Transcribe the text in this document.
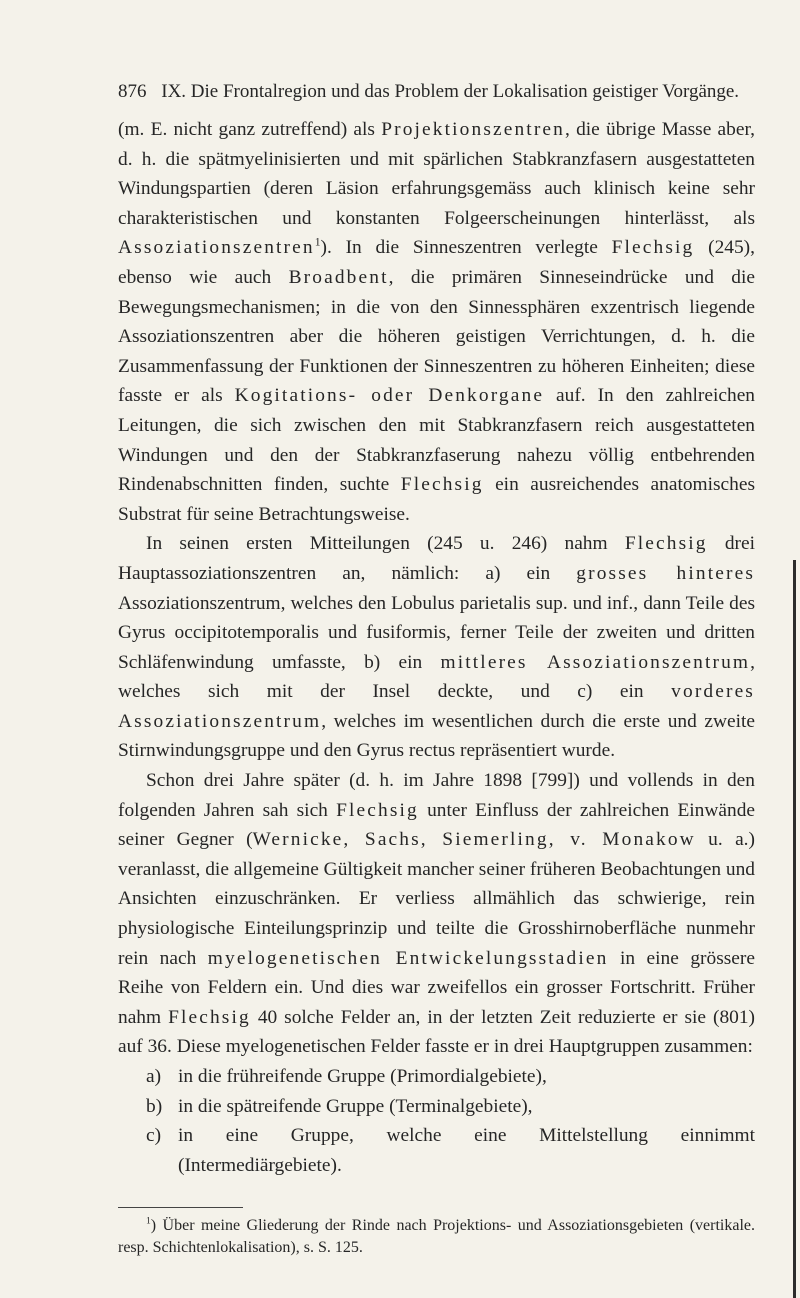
876 IX. Die Frontalregion und das Problem der Lokalisation geistiger Vorgänge.

(m. E. nicht ganz zutreffend) als Projektionszentren, die übrige Masse aber, d. h. die spätmyelinisierten und mit spärlichen Stabkranzfasern ausgestatteten Windungspartien (deren Läsion erfahrungsgemäss auch klinisch keine sehr charakteristischen und konstanten Folgeerscheinungen hinterlässt, als Assoziationszentren$^1$). In die Sinneszentren verlegte Flechsig (245), ebenso wie auch Broadbent, die primären Sinneseindrücke und die Bewegungsmechanismen; in die von den Sinnessphären exzentrisch liegende Assoziationszentren aber die höheren geistigen Verrichtungen, d. h. die Zusammenfassung der Funktionen der Sinneszentren zu höheren Einheiten; diese fasste er als Kogitations- oder Denkorgane auf. In den zahlreichen Leitungen, die sich zwischen den mit Stabkranzfasern reich ausgestatteten Windungen und den der Stabkranzfaserung nahezu völlig entbehrenden Rindenabschnitten finden, suchte Flechsig ein ausreichendes anatomisches Substrat für seine Betrachtungsweise.

In seinen ersten Mitteilungen (245 u. 246) nahm Flechsig drei Hauptassoziationszentren an, nämlich: a) ein grosses hinteres Assoziationszentrum, welches den Lobulus parietalis sup. und inf., dann Teile des Gyrus occipitotemporalis und fusiformis, ferner Teile der zweiten und dritten Schläfenwindung umfasste, b) ein mittleres Assoziationszentrum, welches sich mit der Insel deckte, und c) ein vorderes Assoziationszentrum, welches im wesentlichen durch die erste und zweite Stirnwindungsgruppe und den Gyrus rectus repräsentiert wurde.

Schon drei Jahre später (d. h. im Jahre 1898 [799]) und vollends in den folgenden Jahren sah sich Flechsig unter Einfluss der zahlreichen Einwände seiner Gegner (Wernicke, Sachs, Siemerling, v. Monakow u. a.) veranlasst, die allgemeine Gültigkeit mancher seiner früheren Beobachtungen und Ansichten einzuschränken. Er verliess allmählich das schwierige, rein physiologische Einteilungsprinzip und teilte die Grosshirnoberfläche nunmehr rein nach myelogenetischen Entwickelungsstadien in eine grössere Reihe von Feldern ein. Und dies war zweifellos ein grosser Fortschritt. Früher nahm Flechsig 40 solche Felder an, in der letzten Zeit reduzierte er sie (801) auf 36. Diese myelogenetischen Felder fasste er in drei Hauptgruppen zusammen:

a) in die frühreifende Gruppe (Primordialgebiete),
b) in die spätreifende Gruppe (Terminalgebiete),
c) in eine Gruppe, welche eine Mittelstellung einnimmt (Intermediärgebiete).

$^1$) Über meine Gliederung der Rinde nach Projektions- und Assoziationsgebieten (vertikale. resp. Schichtenlokalisation), s. S. 125.
